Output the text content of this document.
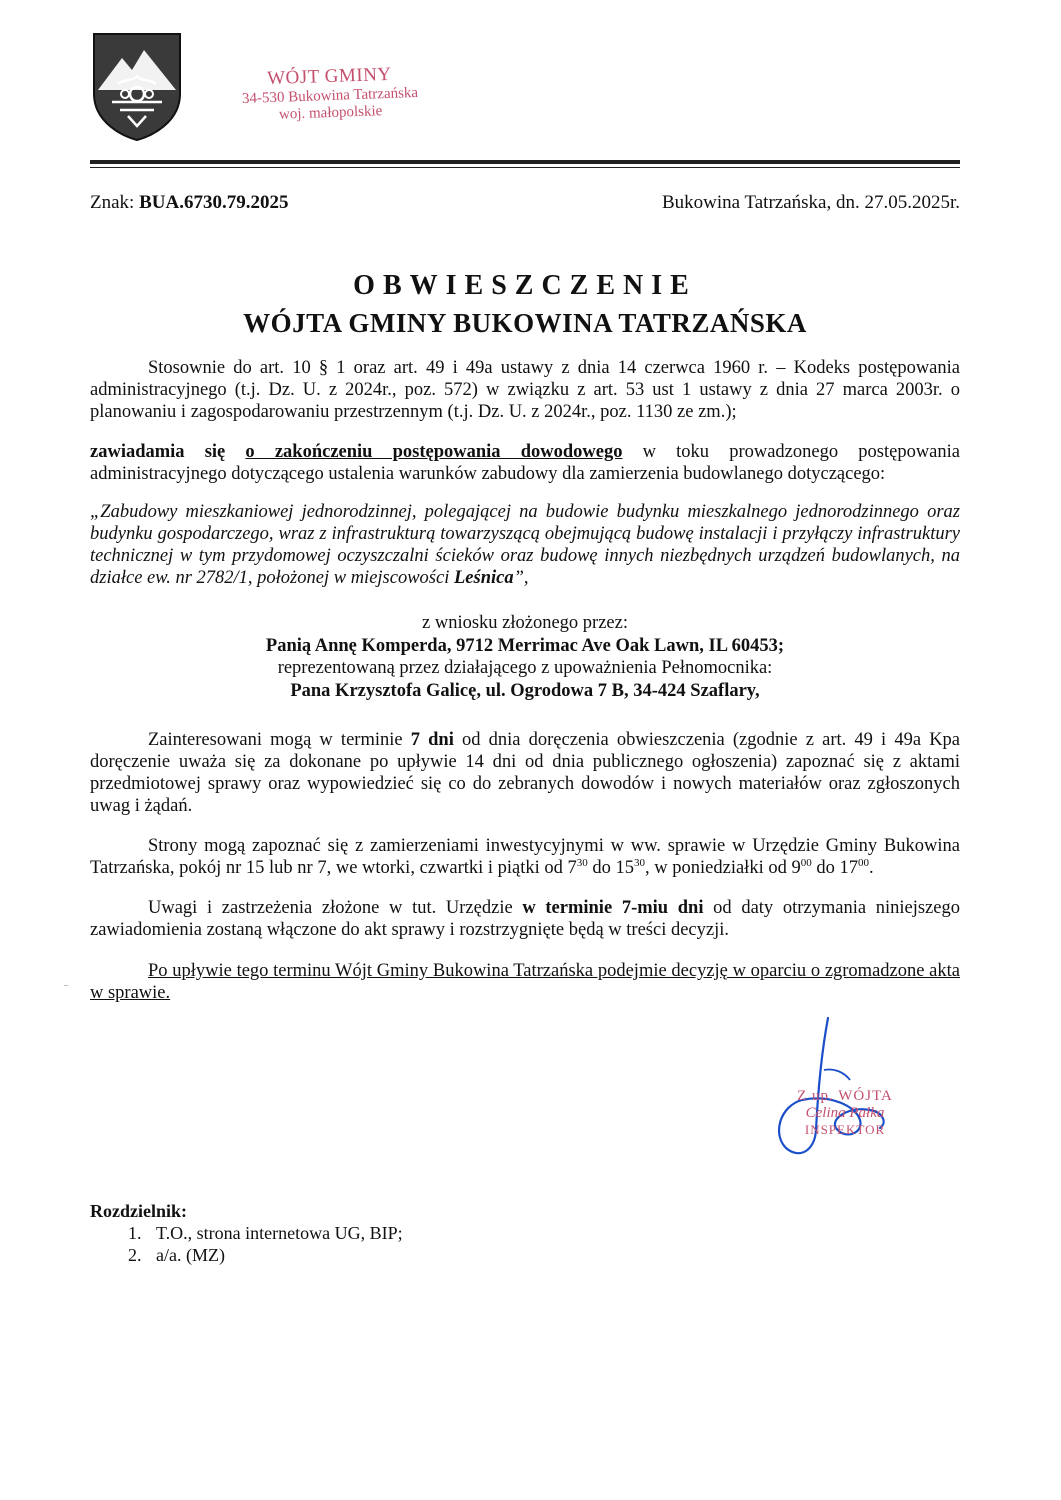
WÓJT GMINY
34-530 Bukowina Tatrzańska
woj. małopolskie
Znak: BUA.6730.79.2025	Bukowina Tatrzańska, dn. 27.05.2025r.
OBWIESZCZENIE
WÓJTA GMINY BUKOWINA TATRZAŃSKA
Stosownie do art. 10 § 1 oraz art. 49 i 49a ustawy z dnia 14 czerwca 1960 r. – Kodeks postępowania administracyjnego (t.j. Dz. U. z 2024r., poz. 572) w związku z art. 53 ust 1 ustawy z dnia 27 marca 2003r. o planowaniu i zagospodarowaniu przestrzennym (t.j. Dz. U. z 2024r., poz. 1130 ze zm.);
zawiadamia się o zakończeniu postępowania dowodowego w toku prowadzonego postępowania administracyjnego dotyczącego ustalenia warunków zabudowy dla zamierzenia budowlanego dotyczącego:
„Zabudowy mieszkaniowej jednorodzinnej, polegającej na budowie budynku mieszkalnego jednorodzinnego oraz budynku gospodarczego, wraz z infrastrukturą towarzyszącą obejmującą budowę instalacji i przyłączy infrastruktury technicznej w tym przydomowej oczyszczalni ścieków oraz budowę innych niezbędnych urządzeń budowlanych, na działce ew. nr 2782/1, położonej w miejscowości Leśnica”,
z wniosku złożonego przez:
Panią Annę Komperda, 9712 Merrimac Ave Oak Lawn, IL 60453;
reprezentowaną przez działającego z upoważnienia Pełnomocnika:
Pana Krzysztofa Galicę, ul. Ogrodowa 7 B, 34-424 Szaflary,
Zainteresowani mogą w terminie 7 dni od dnia doręczenia obwieszczenia (zgodnie z art. 49 i 49a Kpa doręczenie uważa się za dokonane po upływie 14 dni od dnia publicznego ogłoszenia) zapoznać się z aktami przedmiotowej sprawy oraz wypowiedzieć się co do zebranych dowodów i nowych materiałów oraz zgłoszonych uwag i żądań.
Strony mogą zapoznać się z zamierzeniami inwestycyjnymi w ww. sprawie w Urzędzie Gminy Bukowina Tatrzańska, pokój nr 15 lub nr 7, we wtorki, czwartki i piątki od $7^{30}$ do $15^{30}$, w poniedziałki od $9^{00}$ do $17^{00}$.
Uwagi i zastrzeżenia złożone w tut. Urzędzie w terminie 7-miu dni od daty otrzymania niniejszego zawiadomienia zostaną włączone do akt sprawy i rozstrzygnięte będą w treści decyzji.
Po upływie tego terminu Wójt Gminy Bukowina Tatrzańska podejmie decyzję w oparciu o zgromadzone akta w sprawie.
Z up. WÓJTA
Celina Pałka
INSPEKTOR
Rozdzielnik:
1. T.O., strona internetowa UG, BIP;
2. a/a. (MZ)
